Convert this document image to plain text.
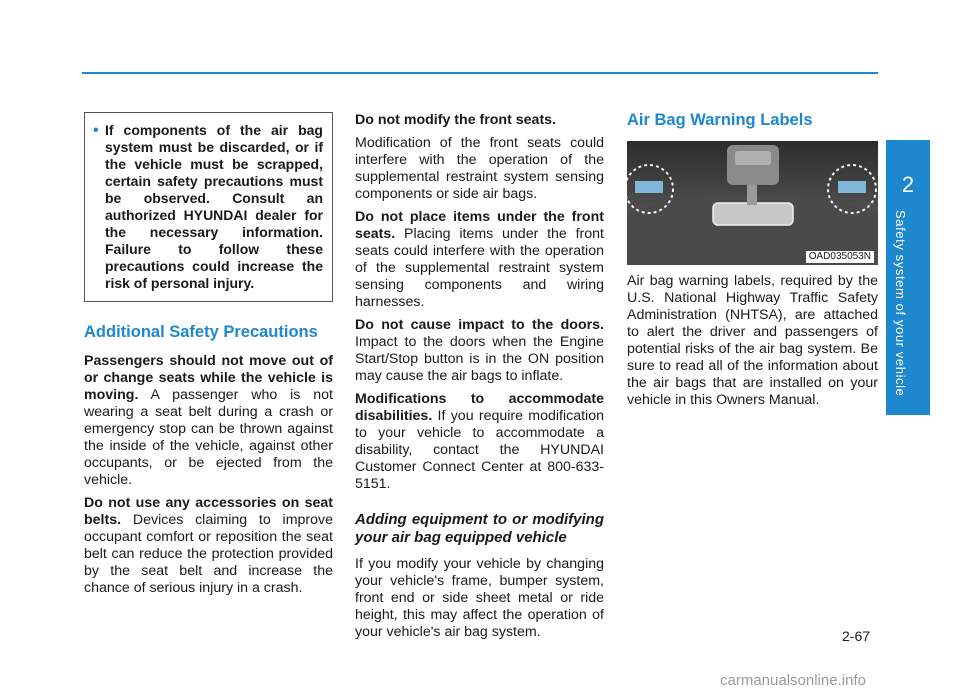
2
Safety system of your vehicle
• If components of the air bag system must be discarded, or if the vehicle must be scrapped, certain safety precautions must be observed. Consult an authorized HYUNDAI dealer for the necessary information. Failure to follow these precautions could increase the risk of personal injury.
Additional Safety Precautions

Passengers should not move out of or change seats while the vehicle is moving. A passenger who is not wearing a seat belt during a crash or emergency stop can be thrown against the inside of the vehicle, against other occupants, or be ejected from the vehicle.

Do not use any accessories on seat belts. Devices claiming to improve occupant comfort or reposition the seat belt can reduce the protection provided by the seat belt and increase the chance of serious injury in a crash.

Do not modify the front seats.
Modification of the front seats could interfere with the operation of the supplemental restraint system sensing components or side air bags.

Do not place items under the front seats. Placing items under the front seats could interfere with the operation of the supplemental restraint system sensing components and wiring harnesses.

Do not cause impact to the doors. Impact to the doors when the Engine Start/Stop button is in the ON position may cause the air bags to inflate.

Modifications to accommodate disabilities. If you require modification to your vehicle to accommodate a disability, contact the HYUNDAI Customer Connect Center at 800-633-5151.

Adding equipment to or modifying your air bag equipped vehicle

If you modify your vehicle by changing your vehicle's frame, bumper system, front end or side sheet metal or ride height, this may affect the operation of your vehicle's air bag system.

Air Bag Warning Labels
OAD035053N

Air bag warning labels, required by the U.S. National Highway Traffic Safety Administration (NHTSA), are attached to alert the driver and passengers of potential risks of the air bag system. Be sure to read all of the information about the air bags that are installed on your vehicle in this Owners Manual.

2-67
carmanualsonline.info
